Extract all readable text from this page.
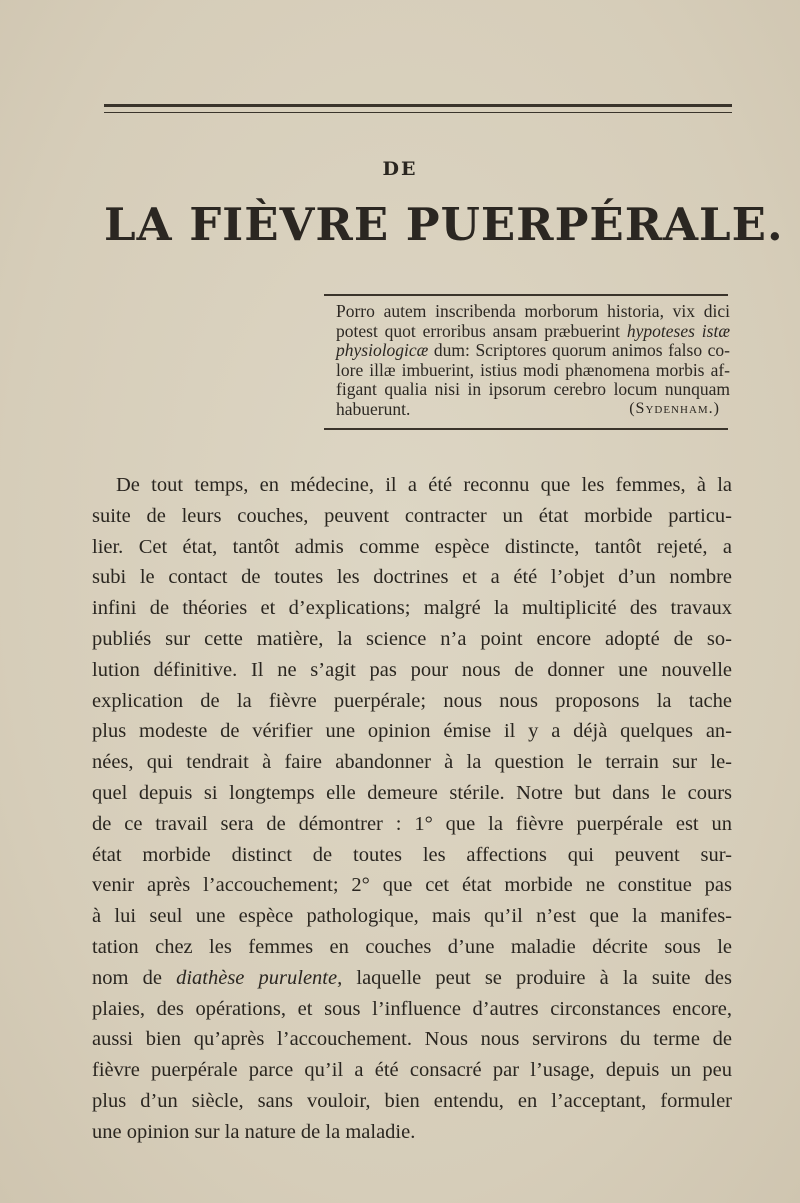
DE
LA FIÈVRE PUERPÉRALE.
Porro autem inscribenda morborum historia, vix dici potest quot erroribus ansam præbuerint hypoteses istæ physiologicæ dum: Scriptores quorum animos falso co-lore illæ imbuerint, istius modi phænomena morbis af-figant qualia nisi in ipsorum cerebro locum nunquam habuerunt.	(Sydenham.)
De tout temps, en médecine, il a été reconnu que les femmes, à la
suite de leurs couches, peuvent contracter un état morbide particu-
lier. Cet état, tantôt admis comme espèce distincte, tantôt rejeté, a
subi le contact de toutes les doctrines et a été l’objet d’un nombre
infini de théories et d’explications; malgré la multiplicité des travaux
publiés sur cette matière, la science n’a point encore adopté de so-
lution définitive. Il ne s’agit pas pour nous de donner une nouvelle
explication de la fièvre puerpérale; nous nous proposons la tache
plus modeste de vérifier une opinion émise il y a déjà quelques an-
nées, qui tendrait à faire abandonner à la question le terrain sur le-
quel depuis si longtemps elle demeure stérile. Notre but dans le cours
de ce travail sera de démontrer : 1° que la fièvre puerpérale est un
état morbide distinct de toutes les affections qui peuvent sur-
venir après l’accouchement; 2° que cet état morbide ne constitue pas
à lui seul une espèce pathologique, mais qu’il n’est que la manifes-
tation chez les femmes en couches d’une maladie décrite sous le
nom de diathèse purulente, laquelle peut se produire à la suite des
plaies, des opérations, et sous l’influence d’autres circonstances encore,
aussi bien qu’après l’accouchement. Nous nous servirons du terme de
fièvre puerpérale parce qu’il a été consacré par l’usage, depuis un peu
plus d’un siècle, sans vouloir, bien entendu, en l’acceptant, formuler
une opinion sur la nature de la maladie.
